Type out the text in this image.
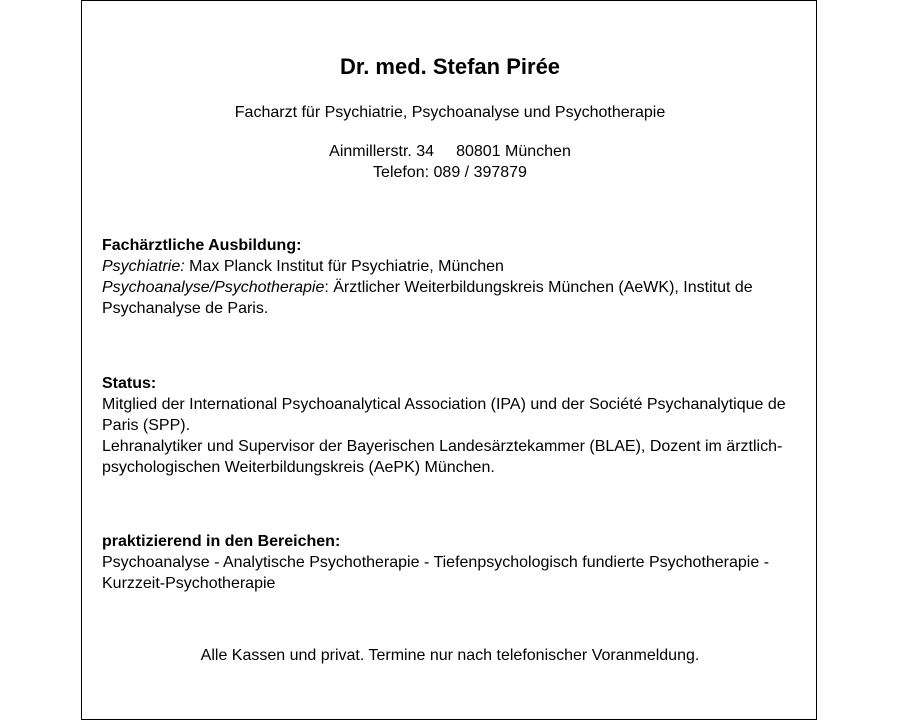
Dr. med. Stefan Pirée
Facharzt für Psychiatrie, Psychoanalyse und Psychotherapie
Ainmillerstr. 34 80801 München
Telefon: 089 / 397879
Fachärztliche Ausbildung:
Psychiatrie: Max Planck Institut für Psychiatrie, München
Psychoanalyse/Psychotherapie: Ärztlicher Weiterbildungskreis München (AeWK), Institut de Psychanalyse de Paris.
Status:
Mitglied der International Psychoanalytical Association (IPA) und der Société Psychanalytique de Paris (SPP).
Lehranalytiker und Supervisor der Bayerischen Landesärztekammer (BLAE), Dozent im ärztlich-psychologischen Weiterbildungskreis (AePK) München.
praktizierend in den Bereichen:
Psychoanalyse - Analytische Psychotherapie - Tiefenpsychologisch fundierte Psychotherapie - Kurzzeit-Psychotherapie
Alle Kassen und privat. Termine nur nach telefonischer Voranmeldung.
